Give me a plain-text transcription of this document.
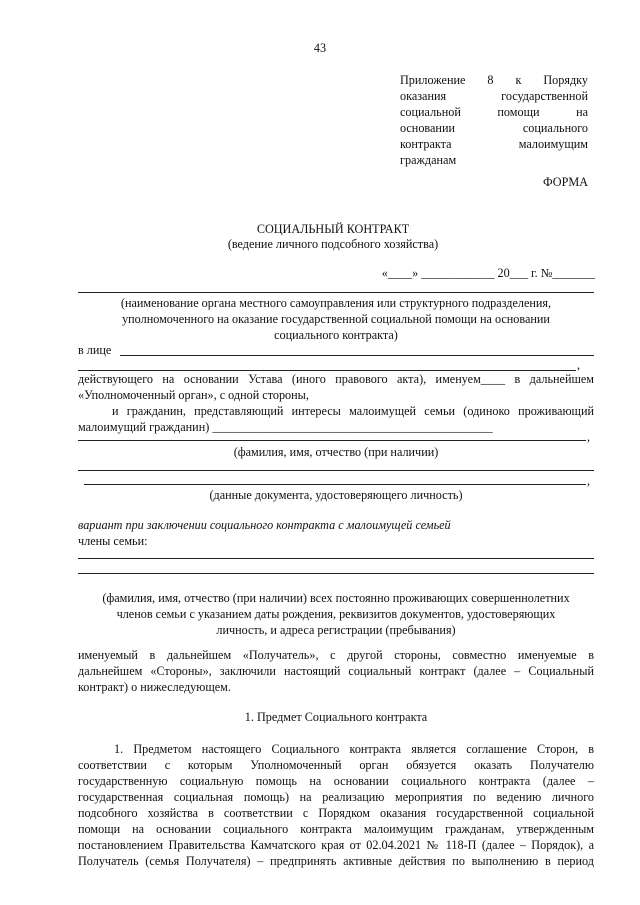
43
Приложение 8 к Порядку
оказания государственной
социальной помощи на
основании социального
контракта малоимущим
гражданам
ФОРМА
СОЦИАЛЬНЫЙ КОНТРАКТ
(ведение личного подсобного хозяйства)
«____» ____________ 20___ г. №_______
(наименование органа местного самоуправления или структурного подразделения,
уполномоченного на оказание государственной социальной помощи на основании
социального контракта)
в лице
,
действующего на основании Устава (иного правового акта), именуем____ в дальнейшем
«Уполномоченный орган», с одной стороны,
и гражданин, представляющий интересы малоимущей семьи (одиноко проживающий
малоимущий гражданин) ______________________________________________
,
(фамилия, имя, отчество (при наличии)
,
(данные документа, удостоверяющего личность)
вариант при заключении социального контракта с малоимущей семьей
члены семьи:
(фамилия, имя, отчество (при наличии) всех постоянно проживающих совершеннолетних
членов семьи с указанием даты рождения, реквизитов документов, удостоверяющих
личность, и адреса регистрации (пребывания)
именуемый в дальнейшем «Получатель», с другой стороны, совместно именуемые в
дальнейшем «Стороны», заключили настоящий социальный контракт (далее – Социальный
контракт) о нижеследующем.
1. Предмет Социального контракта
1. Предметом настоящего Социального контракта является соглашение Сторон, в
соответствии с которым Уполномоченный орган обязуется оказать Получателю
государственную социальную помощь на основании социального контракта (далее –
государственная социальная помощь) на реализацию мероприятия по ведению личного
подсобного хозяйства в соответствии с Порядком оказания государственной социальной
помощи на основании социального контракта малоимущим гражданам, утвержденным
постановлением Правительства Камчатского края от 02.04.2021 № 118-П (далее – Порядок), а
Получатель (семья Получателя) – предпринять активные действия по выполнению в период
